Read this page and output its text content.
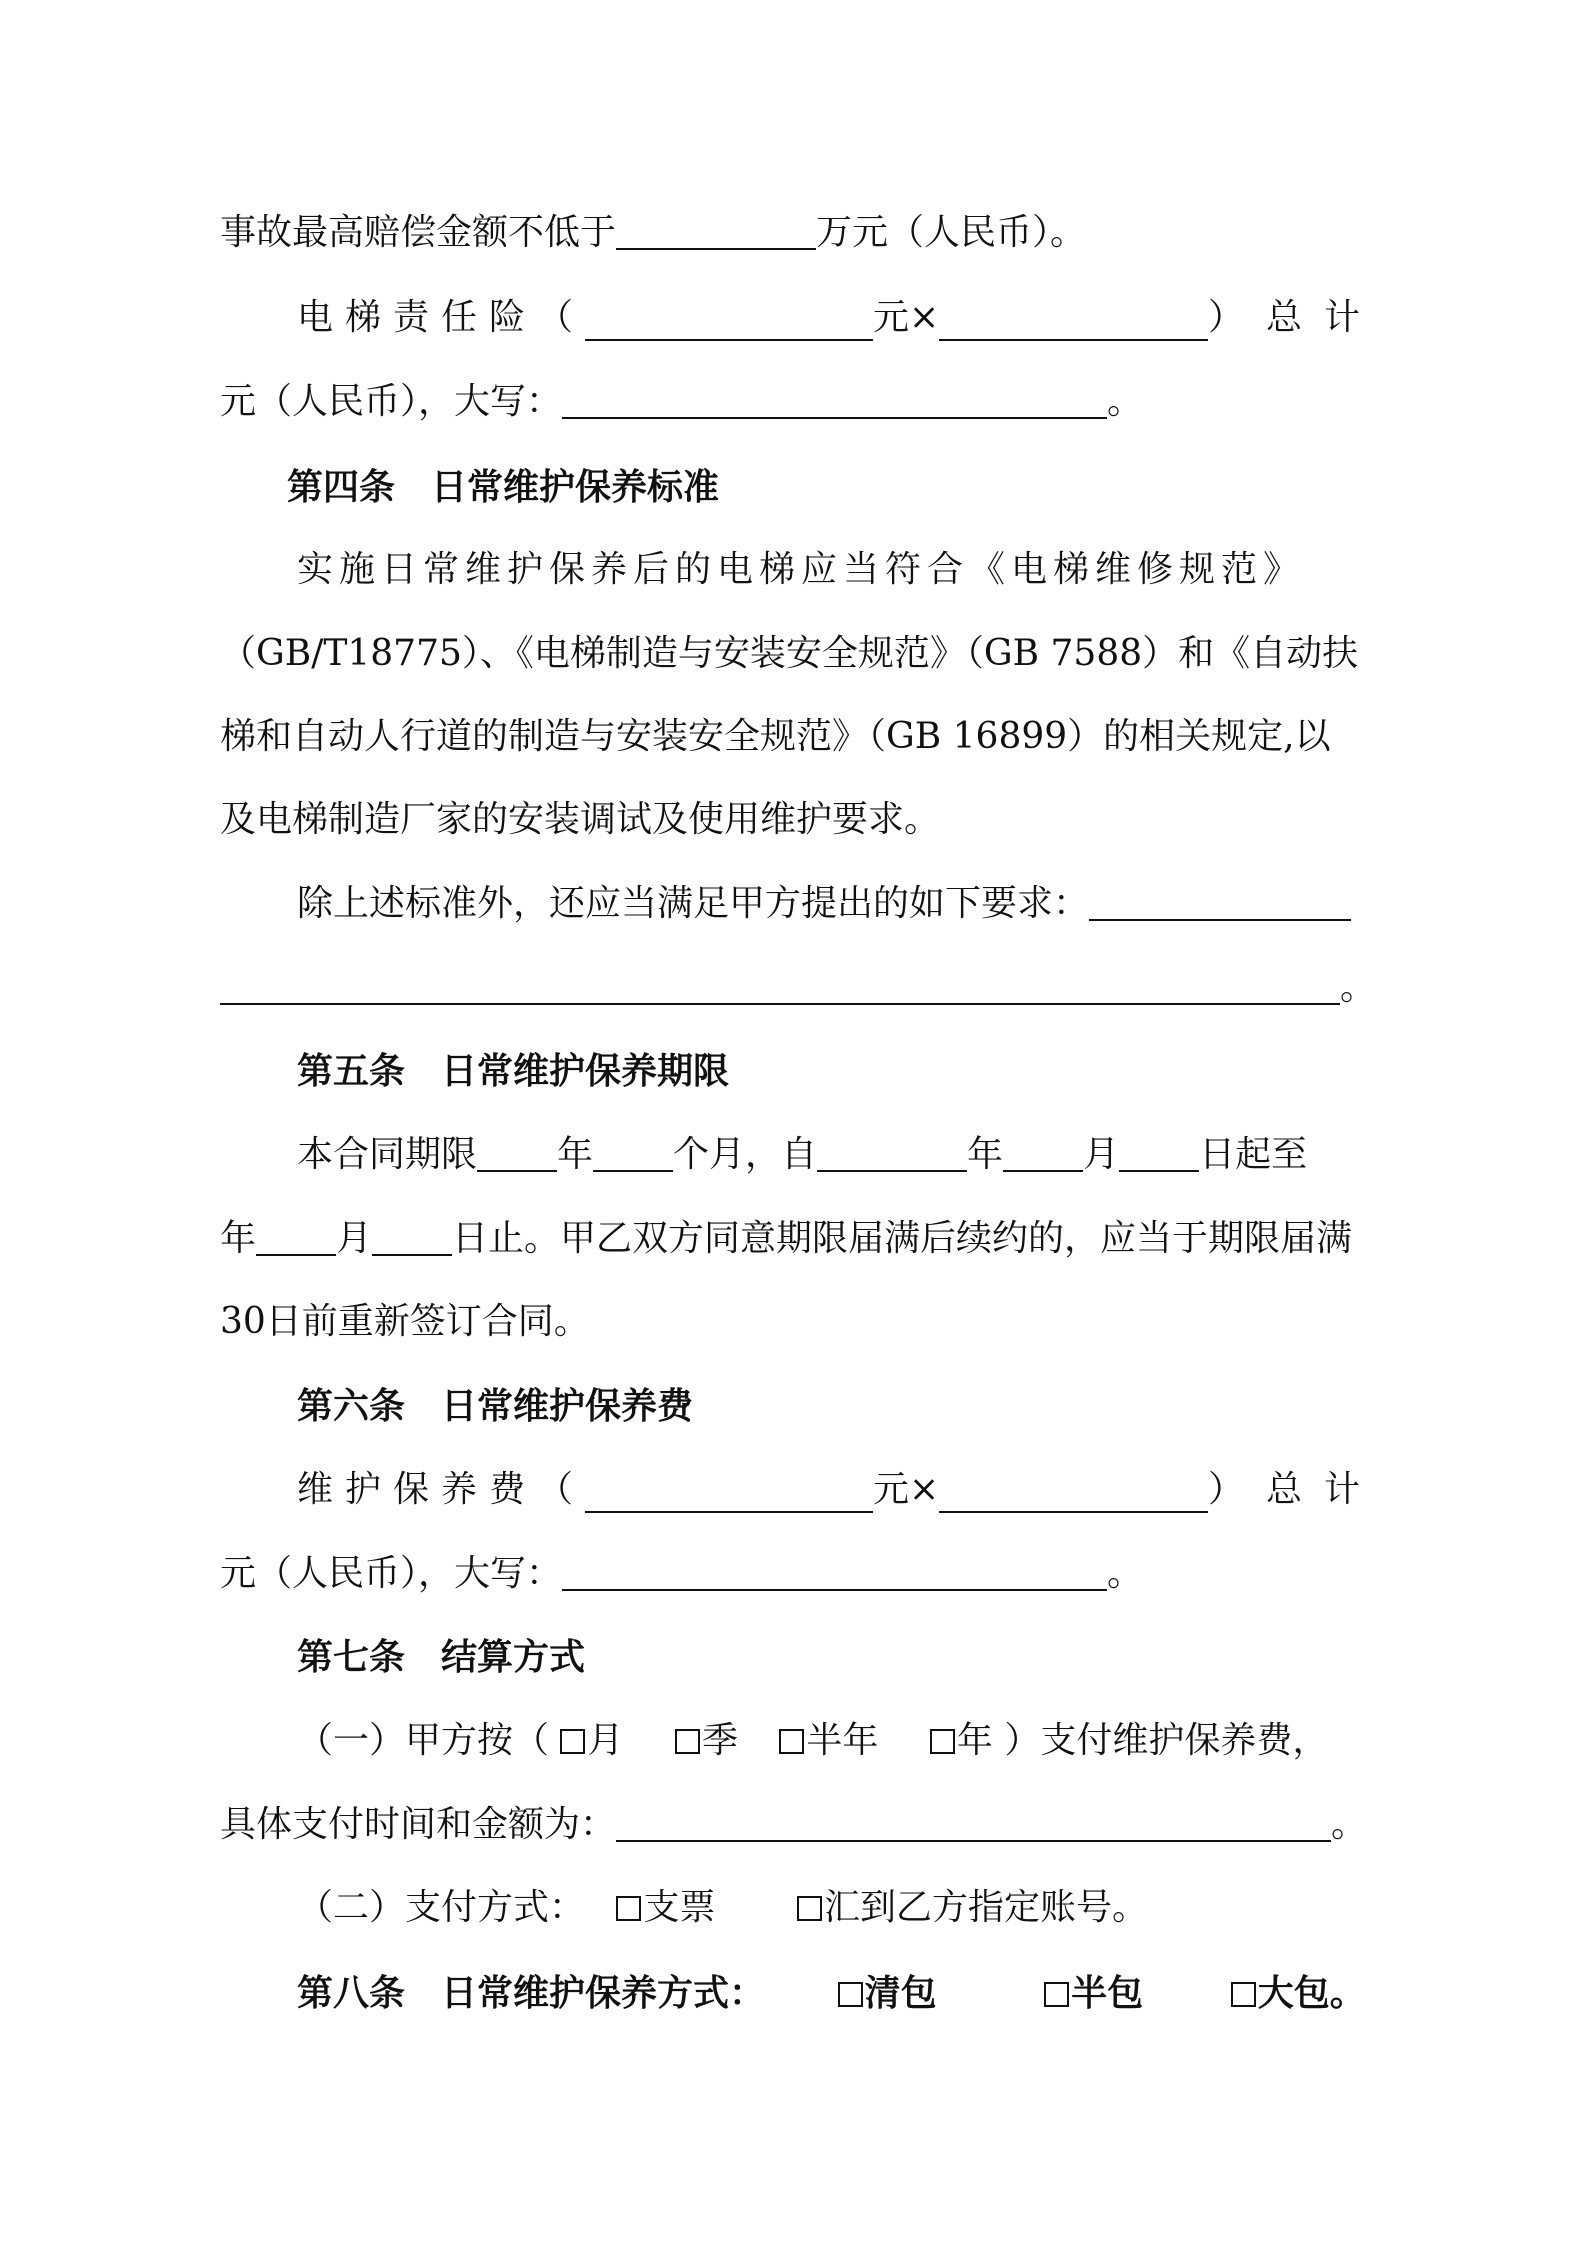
事故最高赔偿金额不低于	万元（人民币）。
电梯责任险（	元×	）总计
元（人民币），大写：	。
第四条　日常维护保养标准
实施日常维护保养后的电梯应当符合《电梯维修规范》
（GB/T18775）、《电梯制造与安装安全规范》（GB 7588）和《自动扶
梯和自动人行道的制造与安装安全规范》（GB 16899）的相关规定,以
及电梯制造厂家的安装调试及使用维护要求。
除上述标准外，还应当满足甲方提出的如下要求：
。
第五条　日常维护保养期限
本合同期限 年 个月，自	年 月 日起至
年 月 日止。甲乙双方同意期限届满后续约的，应当于期限届满
30日前重新签订合同。
第六条　日常维护保养费
维护保养费（	元×	）总计
元（人民币），大写：	。
第七条　结算方式
（一）甲方按（ 月 季 半年 年 ）支付维护保养费，
具体支付时间和金额为：	。
（二）支付方式： 支票	汇到乙方指定账号。
第八条　日常维护保养方式：	清包	半包	大包。
